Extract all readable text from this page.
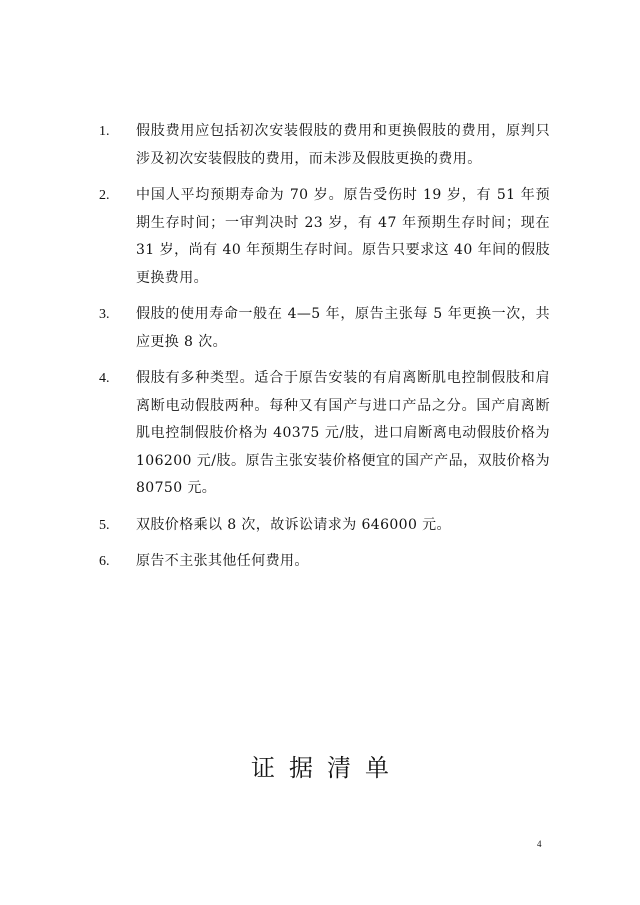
1. 假肢费用应包括初次安装假肢的费用和更换假肢的费用，原判只涉及初次安装假肢的费用，而未涉及假肢更换的费用。
2. 中国人平均预期寿命为 70 岁。原告受伤时 19 岁，有 51 年预期生存时间；一审判决时 23 岁，有 47 年预期生存时间；现在 31 岁，尚有 40 年预期生存时间。原告只要求这 40 年间的假肢更换费用。
3. 假肢的使用寿命一般在 4—5 年，原告主张每 5 年更换一次，共应更换 8 次。
4. 假肢有多种类型。适合于原告安装的有肩离断肌电控制假肢和肩离断电动假肢两种。每种又有国产与进口产品之分。国产肩离断肌电控制假肢价格为 40375 元/肢，进口肩断离电动假肢价格为 106200 元/肢。原告主张安装价格便宜的国产产品，双肢价格为 80750 元。
5. 双肢价格乘以 8 次，故诉讼请求为 646000 元。
6. 原告不主张其他任何费用。
证据清单
4
